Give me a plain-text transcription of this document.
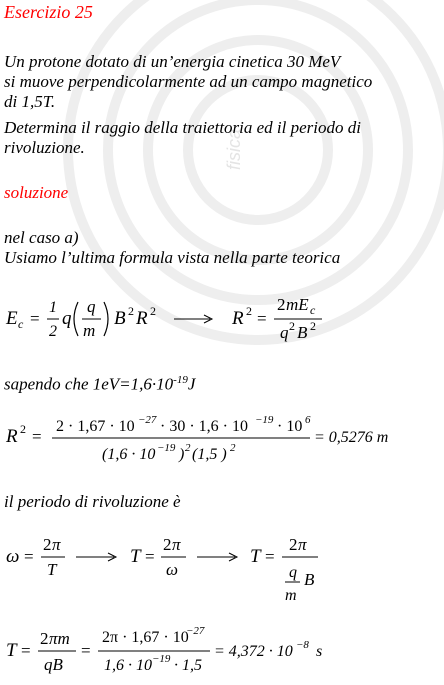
fisica
Esercizio 25
Un protone dotato di un’energia cinetica 30 MeV
si muove perpendicolarmente ad un campo magnetico
di 1,5T.
Determina il raggio della traiettoria ed il periodo di
rivoluzione.
soluzione
nel caso a)
Usiamo l’ultima formula vista nella parte teorica
E c =
1
2
q
q
m
B 2 R 2	R 2 =
2 mE c
q 2 B 2
sapendo che $1eV=1,6\cdot 10^{-19}J$
R 2 =
2 · 1,67 · 10 −27 · 30 · 1,6 · 10 −19 · 10 6
(1,6 · 10 −19 ) 2 (1,5 ) 2
= 0,5276 m
il periodo di rivoluzione è
ω =
2 π
T
T =
2 π
ω
T =
2 π
q
m
B
T =
2 πm
qB
=
2π · 1,67 · 10
−27
1,6 · 10 −19 · 1,5
= 4,372 · 10 −8 s
